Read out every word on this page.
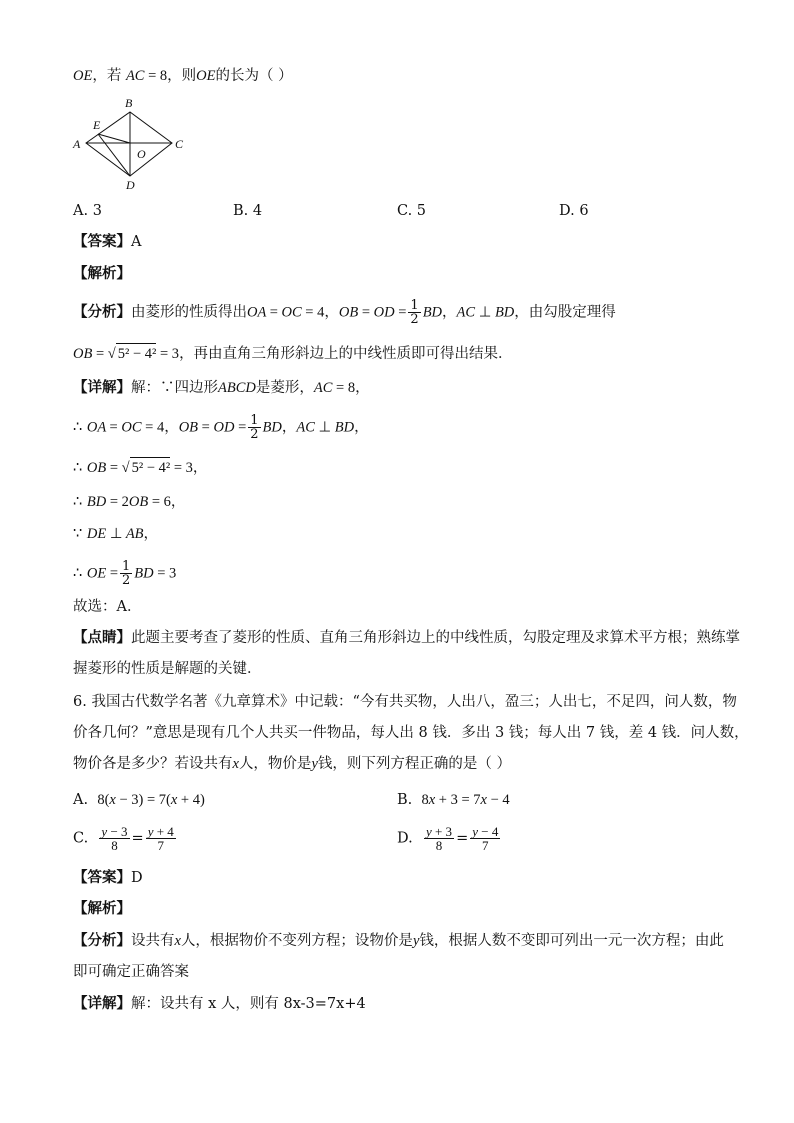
OE，若 AC = 8，则OE的长为（ ）
A
B
C
D
E
O
A. 3	B. 4	C. 5	D. 6
【答案】A
【解析】
【分析】由菱形的性质得出OA = OC = 4，OB = OD = $\frac{1}{2}$ BD，AC ⊥ BD，由勾股定理得
OB = √ 5² − 4² = 3，再由直角三角形斜边上的中线性质即可得出结果．
【详解】解：∵四边形ABCD是菱形，AC = 8，
∴ OA = OC = 4，OB = OD = $\frac{1}{2}$ BD，AC ⊥ BD，
∴ OB = √ 5² − 4² = 3，
∴ BD = 2OB = 6，
∵ DE ⊥ AB，
∴ OE = $\frac{1}{2}$ BD = 3
故选：A．
【点睛】此题主要考查了菱形的性质、直角三角形斜边上的中线性质，勾股定理及求算术平方根；熟练掌
握菱形的性质是解题的关键．
6. 我国古代数学名著《九章算术》中记载：“今有共买物，人出八，盈三；人出七，不足四，问人数，物
价各几何？”意思是现有几个人共买一件物品，每人出 8 钱．多出 3 钱；每人出 7 钱，差 4 钱．问人数，
物价各是多少？若设共有x人，物价是y钱，则下列方程正确的是（ ）
A. 8(x − 3) = 7(x + 4)	B. 8x + 3 = 7x − 4
C. $\frac{y - 3}{8} = \frac{y + 4}{7}$	D. $\frac{y + 3}{8} = \frac{y - 4}{7}$
【答案】D
【解析】
【分析】设共有x人，根据物价不变列方程；设物价是y钱，根据人数不变即可列出一元一次方程；由此
即可确定正确答案
【详解】解：设共有 x 人，则有 8x-3=7x+4
